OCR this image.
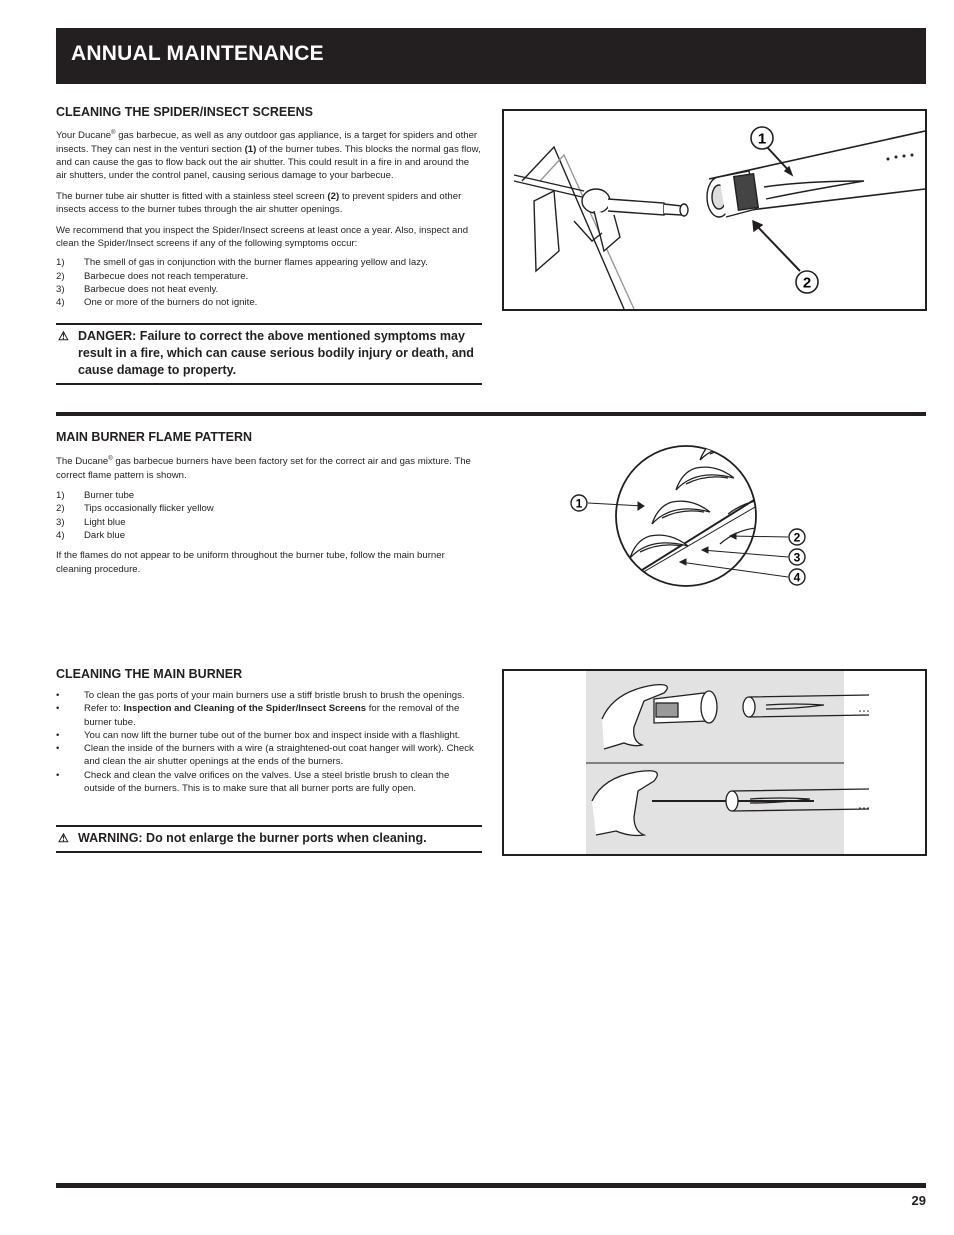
ANNUAL MAINTENANCE
CLEANING THE SPIDER/INSECT SCREENS

Your Ducane® gas barbecue, as well as any outdoor gas appliance, is a target for spiders and other insects. They can nest in the venturi section (1) of the burner tubes. This blocks the normal gas flow, and can cause the gas to flow back out the air shutter. This could result in a fire in and around the air shutters, under the control panel, causing serious damage to your barbecue.

The burner tube air shutter is fitted with a stainless steel screen (2) to prevent spiders and other insects access to the burner tubes through the air shutter openings.

We recommend that you inspect the Spider/Insect screens at least once a year. Also, inspect and clean the Spider/Insect screens if any of the following symptoms occur:

1)	The smell of gas in conjunction with the burner flames appearing yellow and lazy.
2)	Barbecue does not reach temperature.
3)	Barbecue does not heat evenly.
4)	One or more of the burners do not ignite.
⚠ DANGER: Failure to correct the above mentioned symptoms may result in a fire, which can cause serious bodily injury or death, and cause damage to property.
1
2
MAIN BURNER FLAME PATTERN

The Ducane® gas barbecue burners have been factory set for the correct air and gas mixture. The correct flame pattern is shown.

1)	Burner tube
2)	Tips occasionally flicker yellow
3)	Light blue
4)	Dark blue

If the flames do not appear to be uniform throughout the burner tube, follow the main burner cleaning procedure.

1
2
3
4
CLEANING THE MAIN BURNER
•	To clean the gas ports of your main burners use a stiff bristle brush to brush the openings.
•	Refer to: Inspection and Cleaning of the Spider/Insect Screens for the removal of the burner tube.
•	You can now lift the burner tube out of the burner box and inspect inside with a flashlight.
•	Clean the inside of the burners with a wire (a straightened-out coat hanger will work). Check and clean the air shutter openings at the ends of the burners.
•	Check and clean the valve orifices on the valves. Use a steel bristle brush to clean the outside of the burners. This is to make sure that all burner ports are fully open.
⚠ WARNING: Do not enlarge the burner ports when cleaning.
29
